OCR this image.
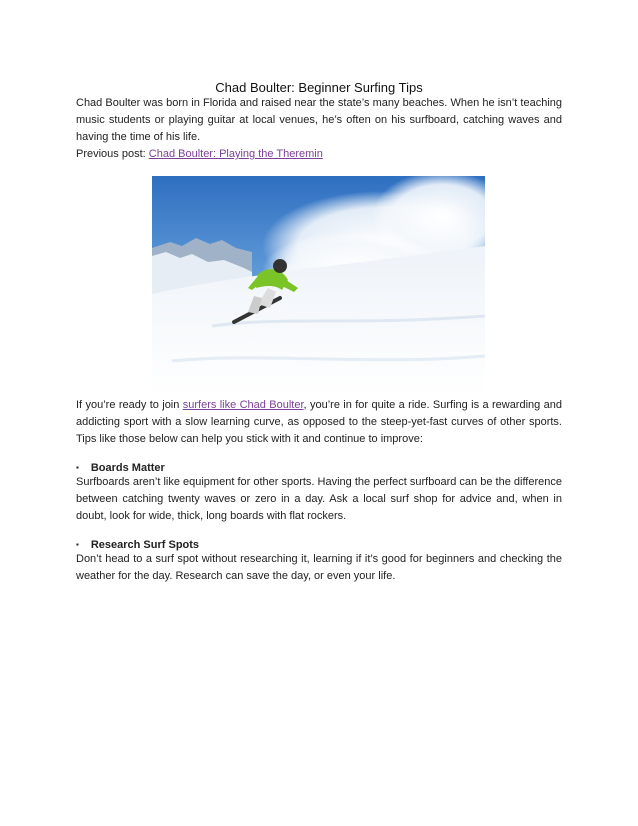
Chad Boulter: Beginner Surfing Tips

Chad Boulter was born in Florida and raised near the state’s many beaches. When he isn’t teaching music students or playing guitar at local venues, he’s often on his surfboard, catching waves and having the time of his life.

Previous post: Chad Boulter: Playing the Theremin

If you’re ready to join surfers like Chad Boulter, you’re in for quite a ride. Surfing is a rewarding and addicting sport with a slow learning curve, as opposed to the steep-yet-fast curves of other sports. Tips like those below can help you stick with it and continue to improve:

▪ Boards Matter

Surfboards aren’t like equipment for other sports. Having the perfect surfboard can be the difference between catching twenty waves or zero in a day. Ask a local surf shop for advice and, when in doubt, look for wide, thick, long boards with flat rockers.

▪ Research Surf Spots

Don’t head to a surf spot without researching it, learning if it’s good for beginners and checking the weather for the day. Research can save the day, or even your life.
